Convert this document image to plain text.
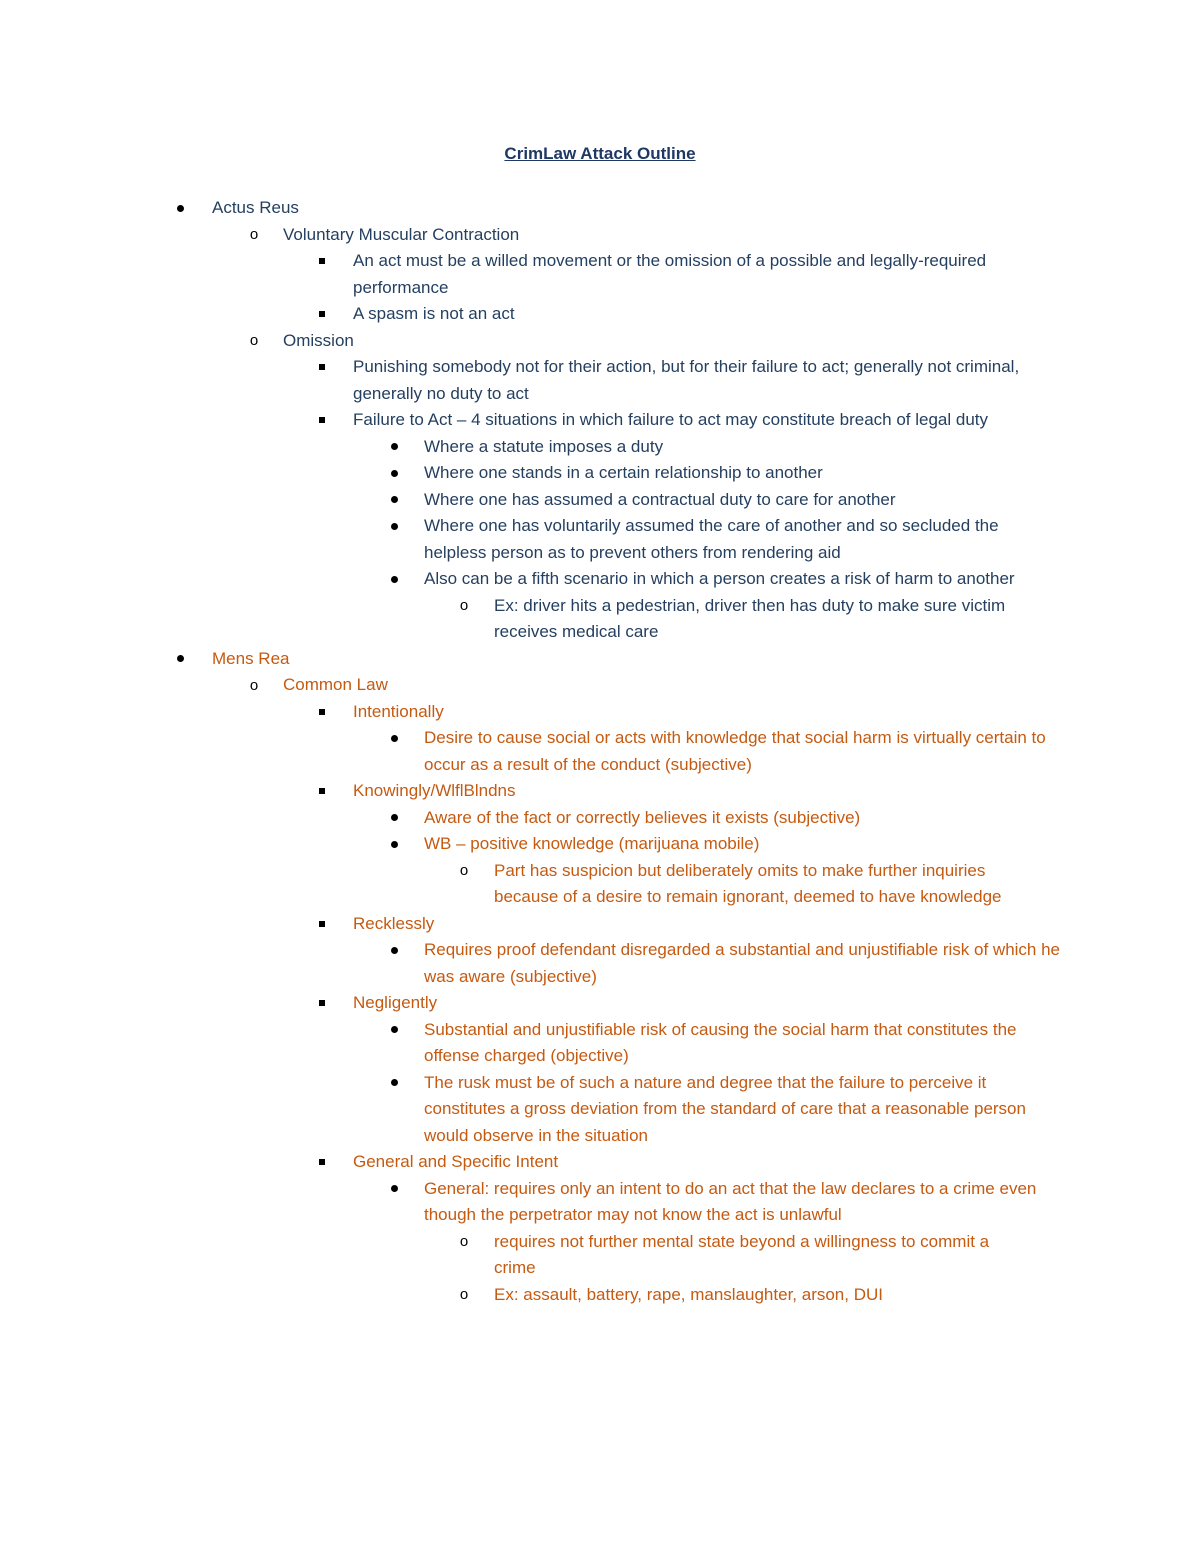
CrimLaw Attack Outline
Actus Reus
o Voluntary Muscular Contraction
An act must be a willed movement or the omission of a possible and legally-required performance
A spasm is not an act
o Omission
Punishing somebody not for their action, but for their failure to act; generally not criminal, generally no duty to act
Failure to Act – 4 situations in which failure to act may constitute breach of legal duty
Where a statute imposes a duty
Where one stands in a certain relationship to another
Where one has assumed a contractual duty to care for another
Where one has voluntarily assumed the care of another and so secluded the helpless person as to prevent others from rendering aid
Also can be a fifth scenario in which a person creates a risk of harm to another
o Ex: driver hits a pedestrian, driver then has duty to make sure victim receives medical care
Mens Rea
o Common Law
Intentionally
Desire to cause social or acts with knowledge that social harm is virtually certain to occur as a result of the conduct (subjective)
Knowingly/WlflBlndns
Aware of the fact or correctly believes it exists (subjective)
WB – positive knowledge (marijuana mobile)
o Part has suspicion but deliberately omits to make further inquiries because of a desire to remain ignorant, deemed to have knowledge
Recklessly
Requires proof defendant disregarded a substantial and unjustifiable risk of which he was aware (subjective)
Negligently
Substantial and unjustifiable risk of causing the social harm that constitutes the offense charged (objective)
The rusk must be of such a nature and degree that the failure to perceive it constitutes a gross deviation from the standard of care that a reasonable person would observe in the situation
General and Specific Intent
General: requires only an intent to do an act that the law declares to a crime even though the perpetrator may not know the act is unlawful
o requires not further mental state beyond a willingness to commit a crime
o Ex: assault, battery, rape, manslaughter, arson, DUI
